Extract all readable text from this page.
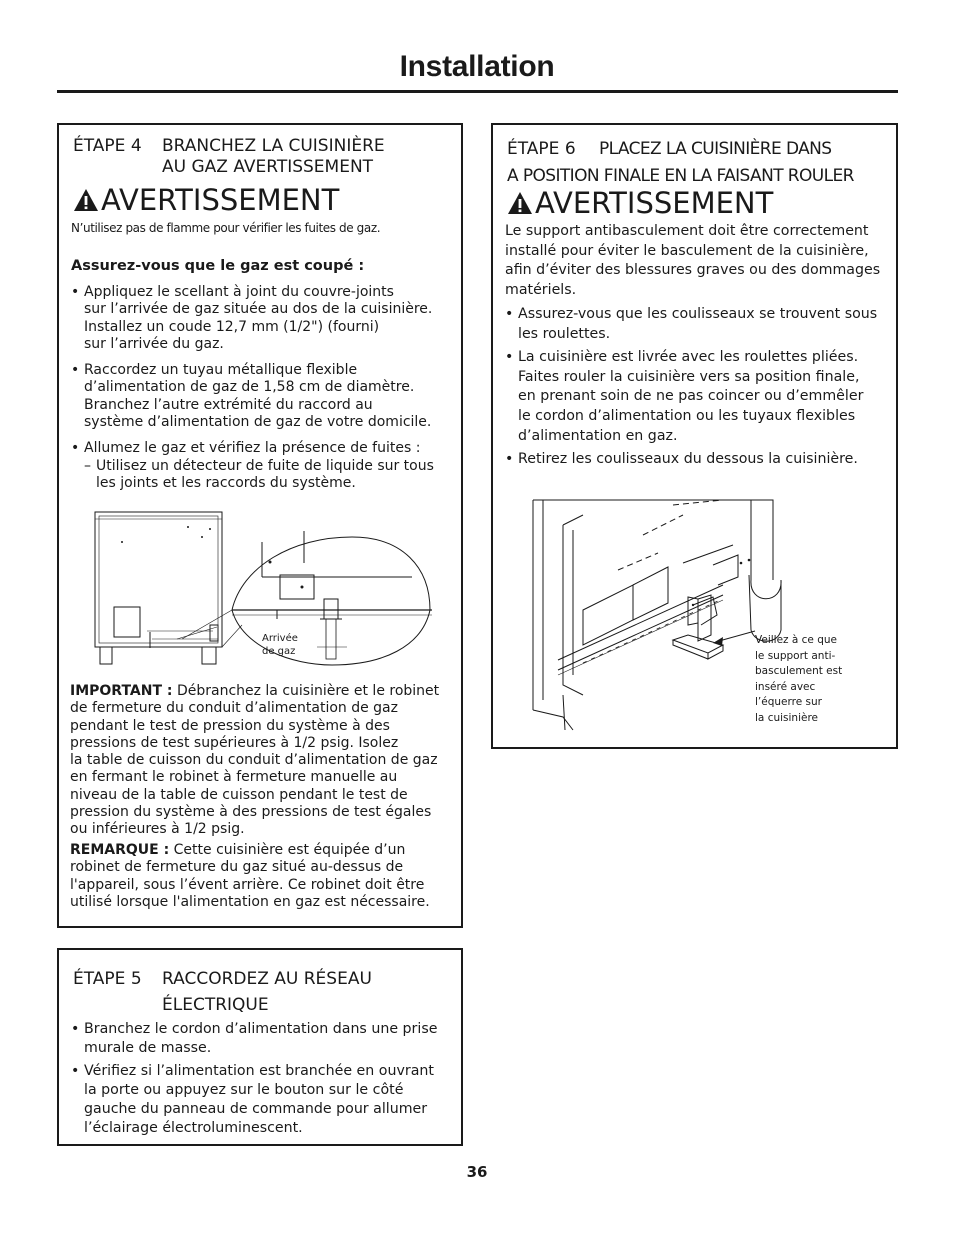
Installation
ÉTAPE 4 BRANCHEZ LA CUISINIÈRE
AU GAZ AVERTISSEMENT
AVERTISSEMENT
N’utilisez pas de flamme pour vérifier les fuites de gaz.
Assurez-vous que le gaz est coupé :
• Appliquez le scellant à joint du couvre-joints
sur l’arrivée de gaz située au dos de la cuisinière.
Installez un coude 12,7 mm (1/2") (fourni)
sur l’arrivée du gaz.
• Raccordez un tuyau métallique flexible
d’alimentation de gaz de 1,58 cm de diamètre.
Branchez l’autre extrémité du raccord au
système d’alimentation de gaz de votre domicile.
• Allumez le gaz et vérifiez la présence de fuites :
– Utilisez un détecteur de fuite de liquide sur tous
les joints et les raccords du système.
Arrivée
de gaz
IMPORTANT : Débranchez la cuisinière et le robinet
de fermeture du conduit d’alimentation de gaz
pendant le test de pression du système à des
pressions de test supérieures à 1/2 psig. Isolez
la table de cuisson du conduit d’alimentation de gaz
en fermant le robinet à fermeture manuelle au
niveau de la table de cuisson pendant le test de
pression du système à des pressions de test égales
ou inférieures à 1/2 psig.
REMARQUE : Cette cuisinière est équipée d’un
robinet de fermeture du gaz situé au-dessus de
l'appareil, sous l’évent arrière. Ce robinet doit être
utilisé lorsque l'alimentation en gaz est nécessaire.
ÉTAPE 5 RACCORDEZ AU RÉSEAU
ÉLECTRIQUE
• Branchez le cordon d’alimentation dans une prise
murale de masse.
• Vérifiez si l’alimentation est branchée en ouvrant
la porte ou appuyez sur le bouton sur le côté
gauche du panneau de commande pour allumer
l’éclairage électroluminescent.
ÉTAPE 6 PLACEZ LA CUISINIÈRE DANS
A POSITION FINALE EN LA FAISANT ROULER
AVERTISSEMENT
Le support antibasculement doit être correctement
installé pour éviter le basculement de la cuisinière,
afin d’éviter des blessures graves ou des dommages
matériels.
• Assurez-vous que les coulisseaux se trouvent sous
les roulettes.
• La cuisinière est livrée avec les roulettes pliées.
Faites rouler la cuisinière vers sa position finale,
en prenant soin de ne pas coincer ou d’emmêler
le cordon d’alimentation ou les tuyaux flexibles
d’alimentation en gaz.
• Retirez les coulisseaux du dessous la cuisinière.
Veillez à ce que
le support anti-
basculement est
inséré avec
l’équerre sur
la cuisinière
36
